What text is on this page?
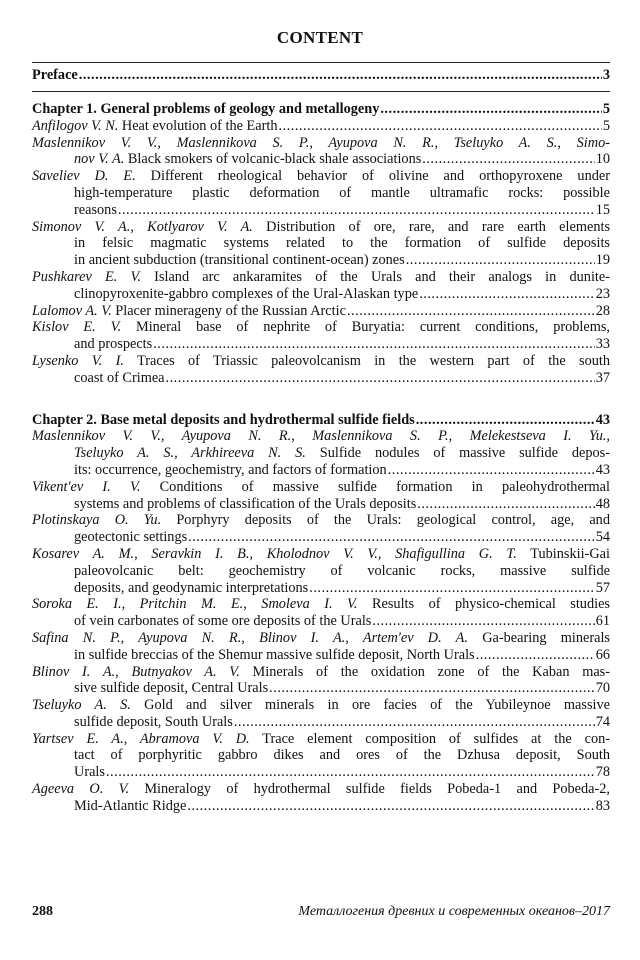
CONTENT
Preface .....	3
Chapter 1. General problems of geology and metallogeny .....	5
Anfilogov V. N. Heat evolution of the Earth .....	5
Maslennikov V. V., Maslennikova S. P., Ayupova N. R., Tseluyko A. S., Simo-
nov V. A. Black smokers of volcanic-black shale associations .....	10
Saveliev D. E. Different rheological behavior of olivine and orthopyroxene under
high-temperature plastic deformation of mantle ultramafic rocks: possible
reasons .....	15
Simonov V. A., Kotlyarov V. A. Distribution of ore, rare, and rare earth elements
in felsic magmatic systems related to the formation of sulfide deposits
in ancient subduction (transitional continent-ocean) zones .....	19
Pushkarev E. V. Island arc ankaramites of the Urals and their analogs in dunite-
clinopyroxenite-gabbro complexes of the Ural-Alaskan type .....	23
Lalomov A. V. Placer minerageny of the Russian Arctic .....	28
Kislov E. V. Mineral base of nephrite of Buryatia: current conditions, problems,
and prospects .....	33
Lysenko V. I. Traces of Triassic paleovolcanism in the western part of the south
coast of Crimea .....	37
Chapter 2. Base metal deposits and hydrothermal sulfide fields .....	43
Maslennikov V. V., Ayupova N. R., Maslennikova S. P., Melekestseva I. Yu.,
Tseluyko A. S., Arkhireeva N. S. Sulfide nodules of massive sulfide depos-
its: occurrence, geochemistry, and factors of formation .....	43
Vikent'ev I. V. Conditions of massive sulfide formation in paleohydrothermal
systems and problems of classification of the Urals deposits .....	48
Plotinskaya O. Yu. Porphyry deposits of the Urals: geological control, age, and
geotectonic settings .....	54
Kosarev A. M., Seravkin I. B., Kholodnov V. V., Shafigullina G. T. Tubinskii-Gai
paleovolcanic belt: geochemistry of volcanic rocks, massive sulfide
deposits, and geodynamic interpretations .....	57
Soroka E. I., Pritchin M. E., Smoleva I. V. Results of physico-chemical studies
of vein carbonates of some ore deposits of the Urals .....	61
Safina N. P., Ayupova N. R., Blinov I. A., Artem'ev D. A. Ga-bearing minerals
in sulfide breccias of the Shemur massive sulfide deposit, North Urals .....	66
Blinov I. A., Butnyakov A. V. Minerals of the oxidation zone of the Kaban mas-
sive sulfide deposit, Central Urals .....	70
Tseluyko A. S. Gold and silver minerals in ore facies of the Yubileynoe massive
sulfide deposit, South Urals .....	74
Yartsev E. A., Abramova V. D. Trace element composition of sulfides at the con-
tact of porphyritic gabbro dikes and ores of the Dzhusa deposit, South
Urals .....	78
Ageeva O. V. Mineralogy of hydrothermal sulfide fields Pobeda-1 and Pobeda-2,
Mid-Atlantic Ridge .....	83
288	Металлогения древних и современных океанов–2017
